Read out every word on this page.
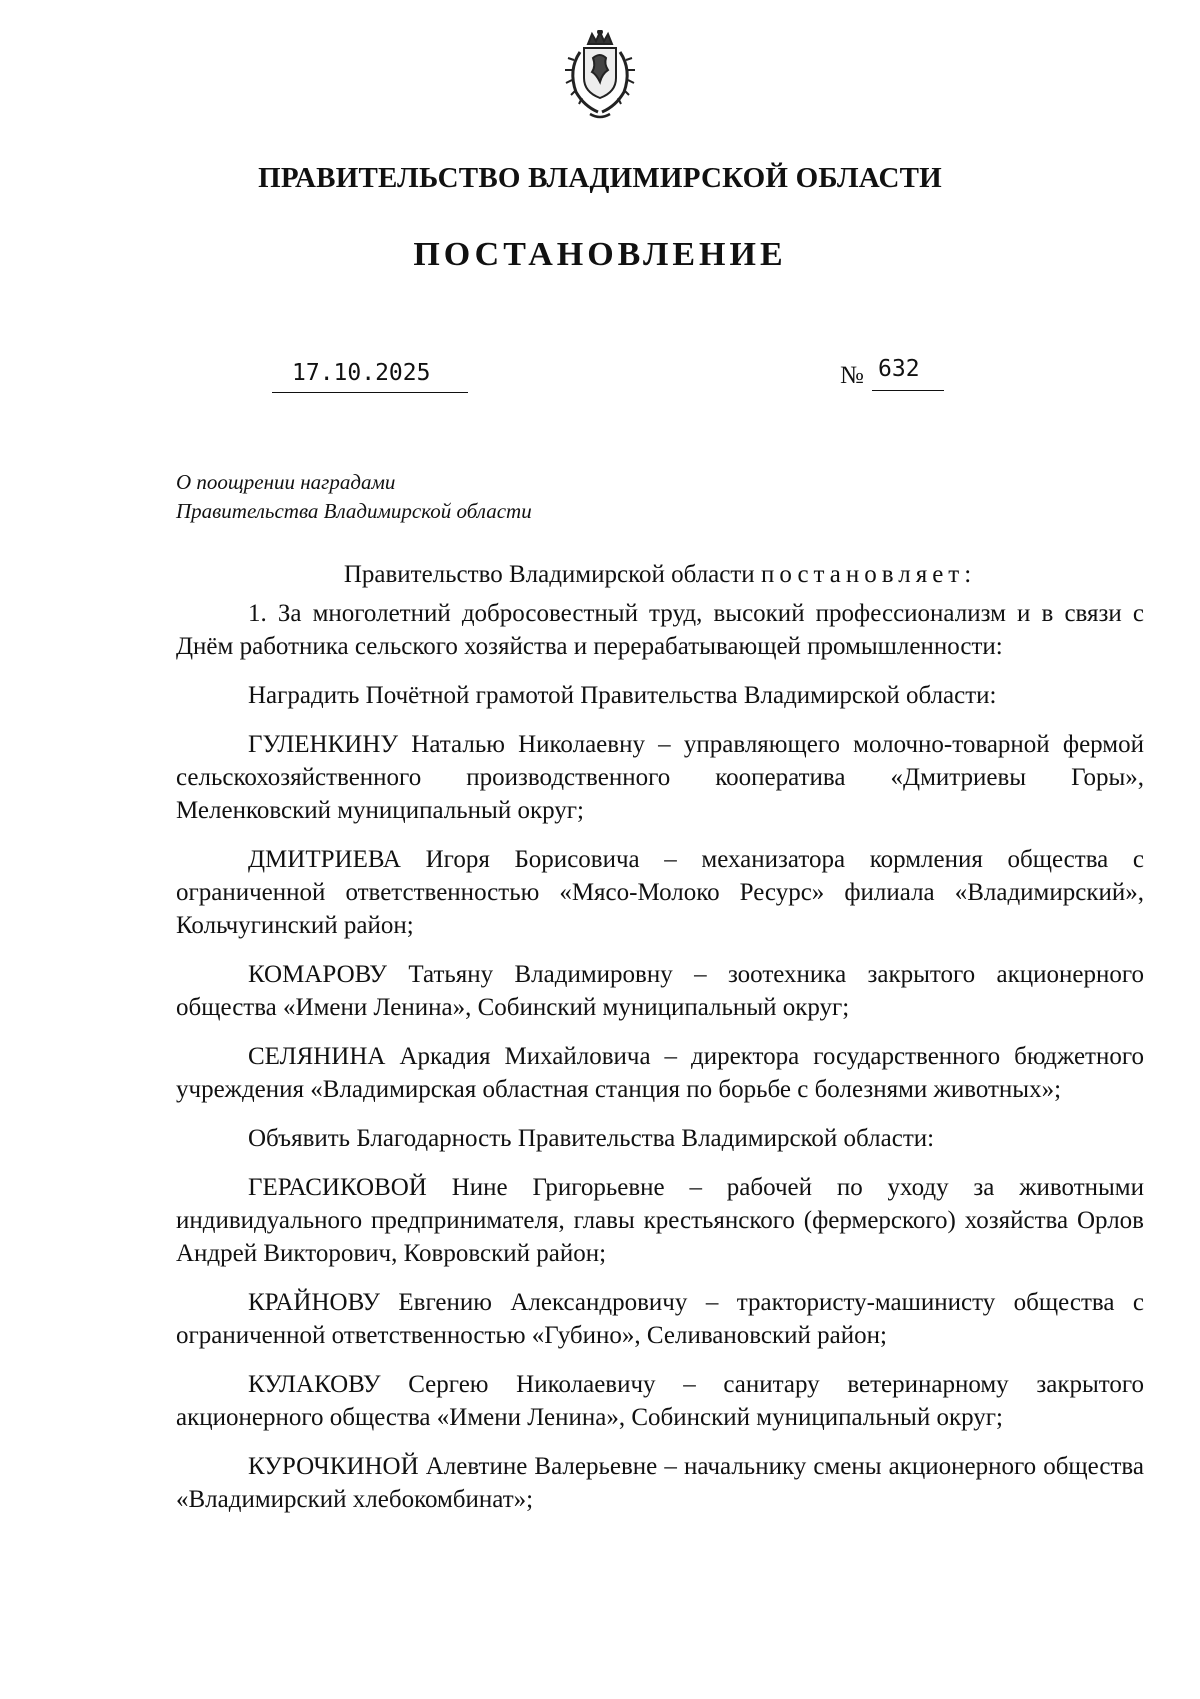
ПРАВИТЕЛЬСТВО ВЛАДИМИРСКОЙ ОБЛАСТИ
ПОСТАНОВЛЕНИЕ
17.10.2025	№ 632
О поощрении наградами
Правительства Владимирской области

Правительство Владимирской области постановляет:

1. За многолетний добросовестный труд, высокий профессионализм и в связи с Днём работника сельского хозяйства и перерабатывающей промышленности:

Наградить Почётной грамотой Правительства Владимирской области:

ГУЛЕНКИНУ Наталью Николаевну – управляющего молочно-товарной фермой сельскохозяйственного производственного кооператива «Дмитриевы Горы», Меленковский муниципальный округ;

ДМИТРИЕВА Игоря Борисовича – механизатора кормления общества с ограниченной ответственностью «Мясо-Молоко Ресурс» филиала «Владимирский», Кольчугинский район;

КОМАРОВУ Татьяну Владимировну – зоотехника закрытого акционерного общества «Имени Ленина», Собинский муниципальный округ;

СЕЛЯНИНА Аркадия Михайловича – директора государственного бюджетного учреждения «Владимирская областная станция по борьбе с болезнями животных»;

Объявить Благодарность Правительства Владимирской области:

ГЕРАСИКОВОЙ Нине Григорьевне – рабочей по уходу за животными индивидуального предпринимателя, главы крестьянского (фермерского) хозяйства Орлов Андрей Викторович, Ковровский район;

КРАЙНОВУ Евгению Александровичу – трактористу-машинисту общества с ограниченной ответственностью «Губино», Селивановский район;

КУЛАКОВУ Сергею Николаевичу – санитару ветеринарному закрытого акционерного общества «Имени Ленина», Собинский муниципальный округ;

КУРОЧКИНОЙ Алевтине Валерьевне – начальнику смены акционерного общества «Владимирский хлебокомбинат»;
